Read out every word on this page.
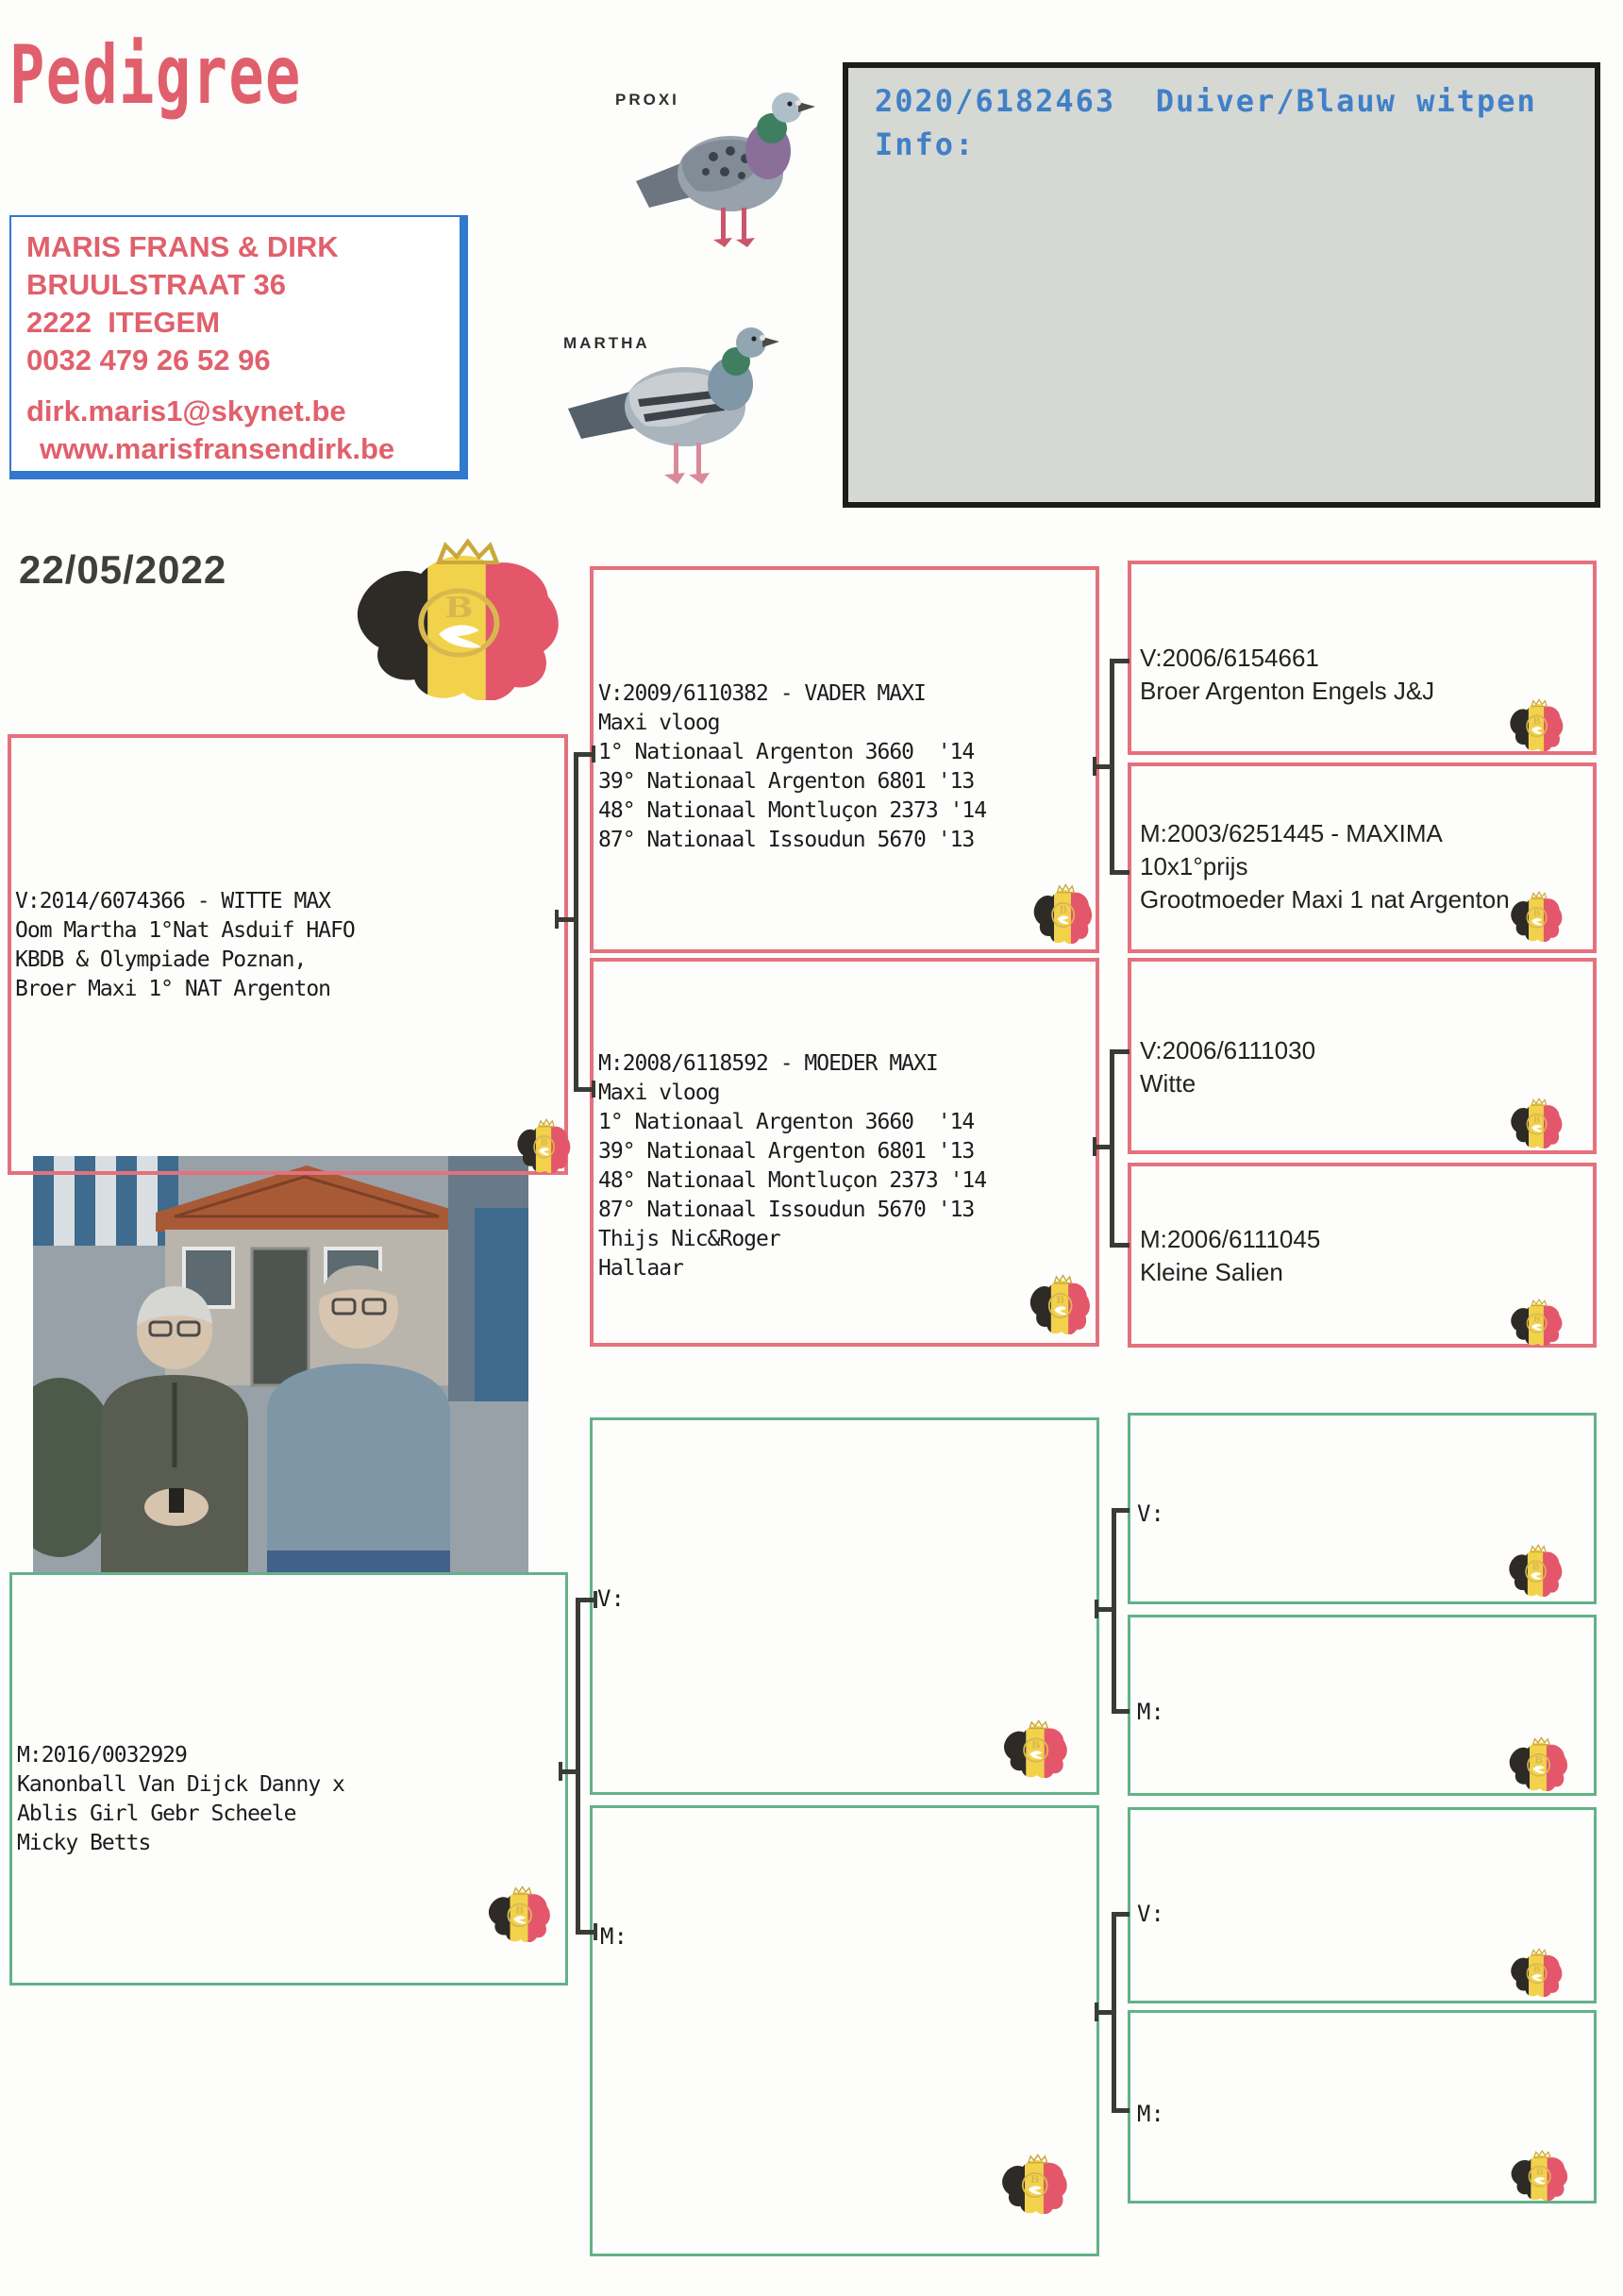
Pedigree
MARIS FRANS & DIRK
BRUULSTRAAT 36
2222  ITEGEM
0032 479 26 52 96
dirk.maris1@skynet.be
www.marisfransendirk.be
PROXI
MARTHA
2020/6182463  Duiver/Blauw witpen
Info:
22/05/2022
V:2014/6074366 - WITTE MAX
Oom Martha 1°Nat Asduif HAFO
KBDB & Olympiade Poznan,
Broer Maxi 1° NAT Argenton
M:2016/0032929
Kanonball Van Dijck Danny x
Ablis Girl Gebr Scheele
Micky Betts
V:2009/6110382 - VADER MAXI
Maxi vloog
1° Nationaal Argenton 3660  '14
39° Nationaal Argenton 6801 '13
48° Nationaal Montluçon 2373 '14
87° Nationaal Issoudun 5670 '13
M:2008/6118592 - MOEDER MAXI
Maxi vloog
1° Nationaal Argenton 3660  '14
39° Nationaal Argenton 6801 '13
48° Nationaal Montluçon 2373 '14
87° Nationaal Issoudun 5670 '13
Thijs Nic&Roger
Hallaar
V:
M:
V:2006/6154661
Broer Argenton Engels J&J
M:2003/6251445 - MAXIMA
10x1°prijs
Grootmoeder Maxi 1 nat Argenton
V:2006/6111030
Witte
M:2006/6111045
Kleine Salien
V:
M:
V:
M:
